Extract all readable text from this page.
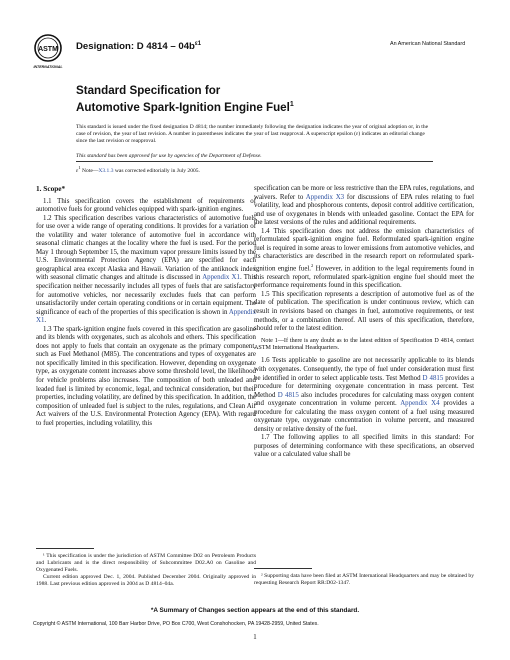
ASTM
INTERNATIONAL
Designation: D $4814 - 04b^{\varepsilon 1}$	An American National Standard
Standard Specification for
Automotive Spark-Ignition Engine Fuel$^1$
This standard is issued under the fixed designation D 4814; the number immediately following the designation indicates the year of original adoption or, in the case of revision, the year of last revision. A number in parentheses indicates the year of last reapproval. A superscript epsilon (ε) indicates an editorial change since the last revision or reapproval.
This standard has been approved for use by agencies of the Department of Defense.
$\varepsilon^1$ Note—X3.1.3 was corrected editorially in July 2005.
1. Scope*

1.1 This specification covers the establishment of requirements of automotive fuels for ground vehicles equipped with spark-ignition engines.

1.2 This specification describes various characteristics of automotive fuels for use over a wide range of operating conditions. It provides for a variation of the volatility and water tolerance of automotive fuel in accordance with seasonal climatic changes at the locality where the fuel is used. For the period May 1 through September 15, the maximum vapor pressure limits issued by the U.S. Environmental Protection Agency (EPA) are specified for each geographical area except Alaska and Hawaii. Variation of the antiknock index with seasonal climatic changes and altitude is discussed in Appendix X1. This specification neither necessarily includes all types of fuels that are satisfactory for automotive vehicles, nor necessarily excludes fuels that can perform unsatisfactorily under certain operating conditions or in certain equipment. The significance of each of the properties of this specification is shown in Appendix X1.

1.3 The spark-ignition engine fuels covered in this specification are gasoline and its blends with oxygenates, such as alcohols and ethers. This specification does not apply to fuels that contain an oxygenate as the primary component, such as Fuel Methanol (M85). The concentrations and types of oxygenates are not specifically limited in this specification. However, depending on oxygenate type, as oxygenate content increases above some threshold level, the likelihood for vehicle problems also increases. The composition of both unleaded and leaded fuel is limited by economic, legal, and technical consideration, but their properties, including volatility, are defined by this specification. In addition, the composition of unleaded fuel is subject to the rules, regulations, and Clean Air Act waivers of the U.S. Environmental Protection Agency (EPA). With regard to fuel properties, including volatility, this

¹ This specification is under the jurisdiction of ASTM Committee D02 on Petroleum Products and Lubricants and is the direct responsibility of Subcommittee D02.A0 on Gasoline and Oxygenated Fuels.

Current edition approved Dec. 1, 2004. Published December 2004. Originally approved in 1988. Last previous edition approved in 2004 as D 4814–04a.

specification can be more or less restrictive than the EPA rules, regulations, and waivers. Refer to Appendix X3 for discussions of EPA rules relating to fuel volatility, lead and phosphorous contents, deposit control additive certification, and use of oxygenates in blends with unleaded gasoline. Contact the EPA for the latest versions of the rules and additional requirements.

1.4 This specification does not address the emission characteristics of reformulated spark-ignition engine fuel. Reformulated spark-ignition engine fuel is required in some areas to lower emissions from automotive vehicles, and its characteristics are described in the research report on reformulated spark-ignition engine fuel.$^2$ However, in addition to the legal requirements found in this research report, reformulated spark-ignition engine fuel should meet the performance requirements found in this specification.

1.5 This specification represents a description of automotive fuel as of the date of publication. The specification is under continuous review, which can result in revisions based on changes in fuel, automotive requirements, or test methods, or a combination thereof. All users of this specification, therefore, should refer to the latest edition.

Note 1—If there is any doubt as to the latest edition of Specification D 4814, contact ASTM International Headquarters.

1.6 Tests applicable to gasoline are not necessarily applicable to its blends with oxygenates. Consequently, the type of fuel under consideration must first be identified in order to select applicable tests. Test Method D 4815 provides a procedure for determining oxygenate concentration in mass percent. Test Method D 4815 also includes procedures for calculating mass oxygen content and oxygenate concentration in volume percent. Appendix X4 provides a procedure for calculating the mass oxygen content of a fuel using measured oxygenate type, oxygenate concentration in volume percent, and measured density or relative density of the fuel.

1.7 The following applies to all specified limits in this standard: For purposes of determining conformance with these specifications, an observed value or a calculated value shall be

² Supporting data have been filed at ASTM International Headquarters and may be obtained by requesting Research Report RR:D02-1347.

*A Summary of Changes section appears at the end of this standard.
Copyright © ASTM International, 100 Barr Harbor Drive, PO Box C700, West Conshohocken, PA 19428-2959, United States.
1
